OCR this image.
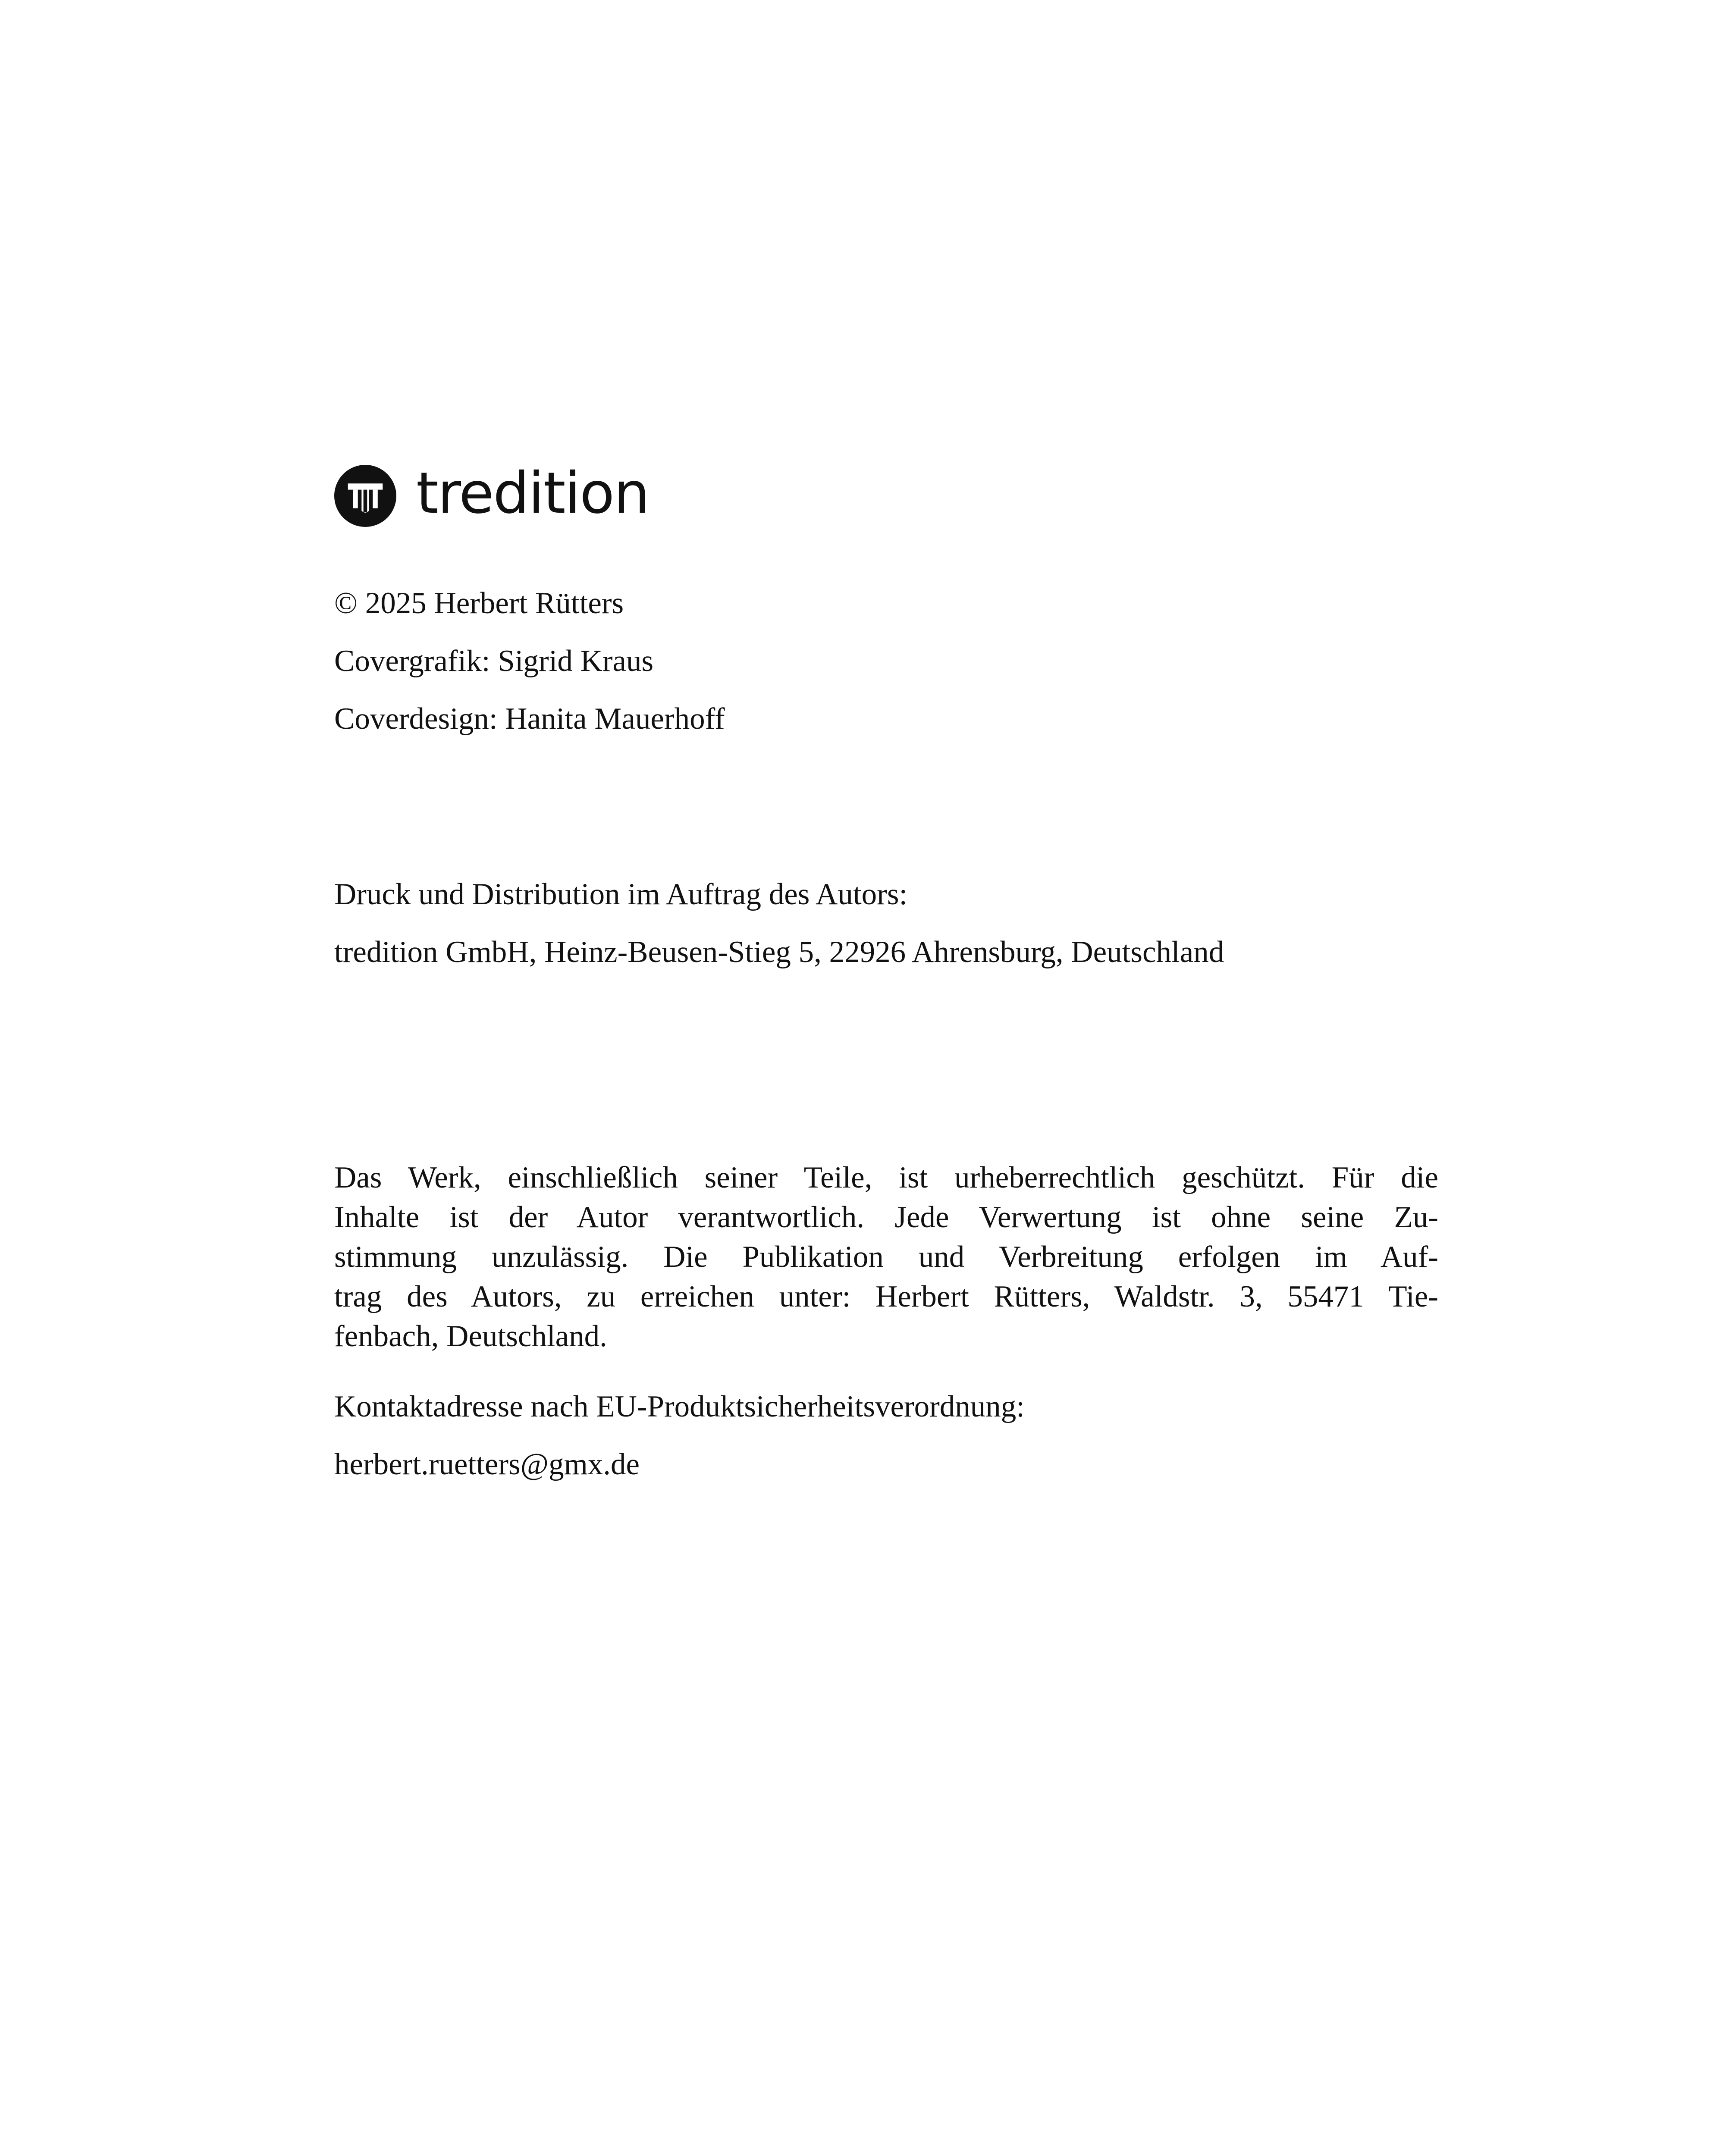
tredition

© 2025 Herbert Rütters

Covergrafik: Sigrid Kraus

Coverdesign: Hanita Mauerhoff

Druck und Distribution im Auftrag des Autors:

tredition GmbH, Heinz-Beusen-Stieg 5, 22926 Ahrensburg, Deutschland

Das Werk, einschließlich seiner Teile, ist urheberrechtlich geschützt. Für die
Inhalte ist der Autor verantwortlich. Jede Verwertung ist ohne seine Zu-
stimmung unzulässig. Die Publikation und Verbreitung erfolgen im Auf-
trag des Autors, zu erreichen unter: Herbert Rütters, Waldstr. 3, 55471 Tie-
fenbach, Deutschland.

Kontaktadresse nach EU-Produktsicherheitsverordnung:

herbert.ruetters@gmx.de
